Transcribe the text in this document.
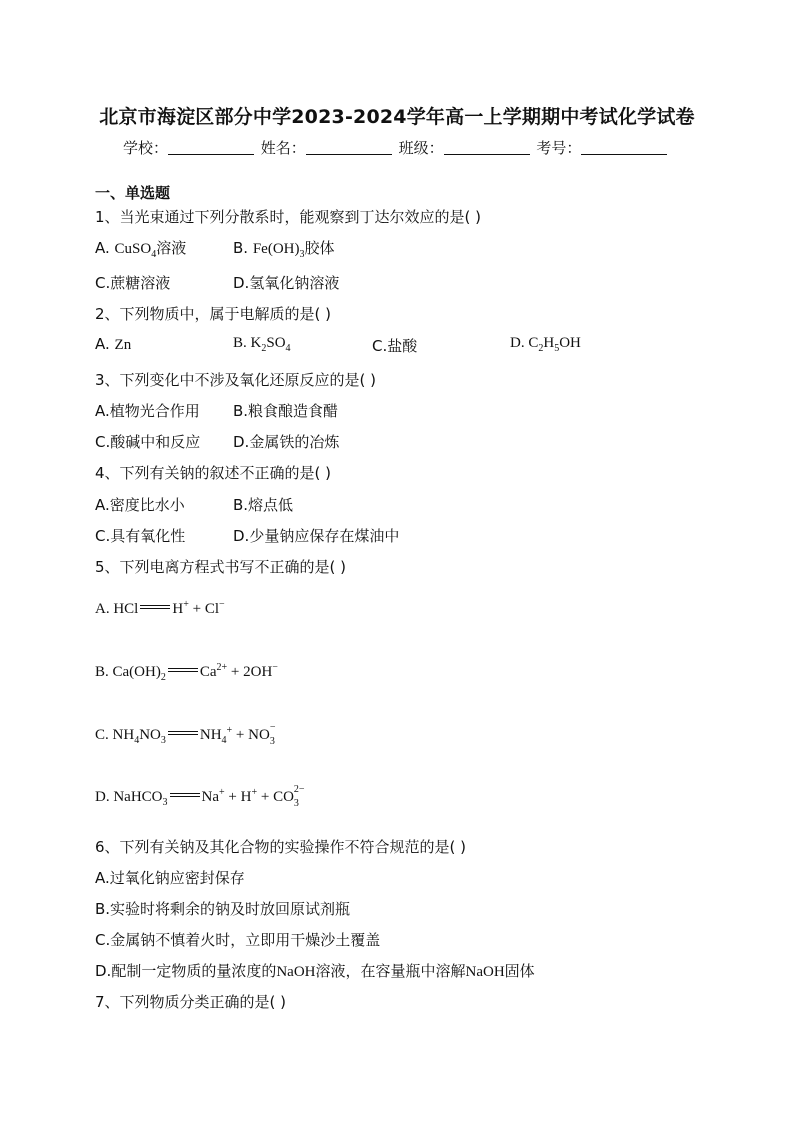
北京市海淀区部分中学2023-2024学年高一上学期期中考试化学试卷
学校：	姓名：	班级：	考号：
一、单选题
1、当光束通过下列分散系时，能观察到丁达尔效应的是( )
A. CuSO$_4$溶液	B. $Fe(OH)_3$胶体
C.蔗糖溶液	D.氢氧化钠溶液
2、下列物质中，属于电解质的是( )
A. Zn	B. $K_2SO_4$	C.盐酸	D. $C_2H_5OH$
3、下列变化中不涉及氧化还原反应的是( )
A.植物光合作用 B.粮食酿造食醋
C.酸碱中和反应 D.金属铁的冶炼
4、下列有关钠的叙述不正确的是( )
A.密度比水小	B.熔点低
C.具有氧化性	D.少量钠应保存在煤油中
5、下列电离方程式书写不正确的是( )
A. HCl H+ + Cl−
B. $Ca(OH)_2$ $Ca^{2+} + 2OH^-$
C. $NH_4NO_3$ $NH_4^+$ + NO −
3
D. NaHCO$_3$ Na+ + H+ + CO 2−
3
6、下列有关钠及其化合物的实验操作不符合规范的是( )
A.过氧化钠应密封保存
B.实验时将剩余的钠及时放回原试剂瓶
C.金属钠不慎着火时，立即用干燥沙土覆盖
D.配制一定物质的量浓度的NaOH溶液，在容量瓶中溶解NaOH固体
7、下列物质分类正确的是( )
